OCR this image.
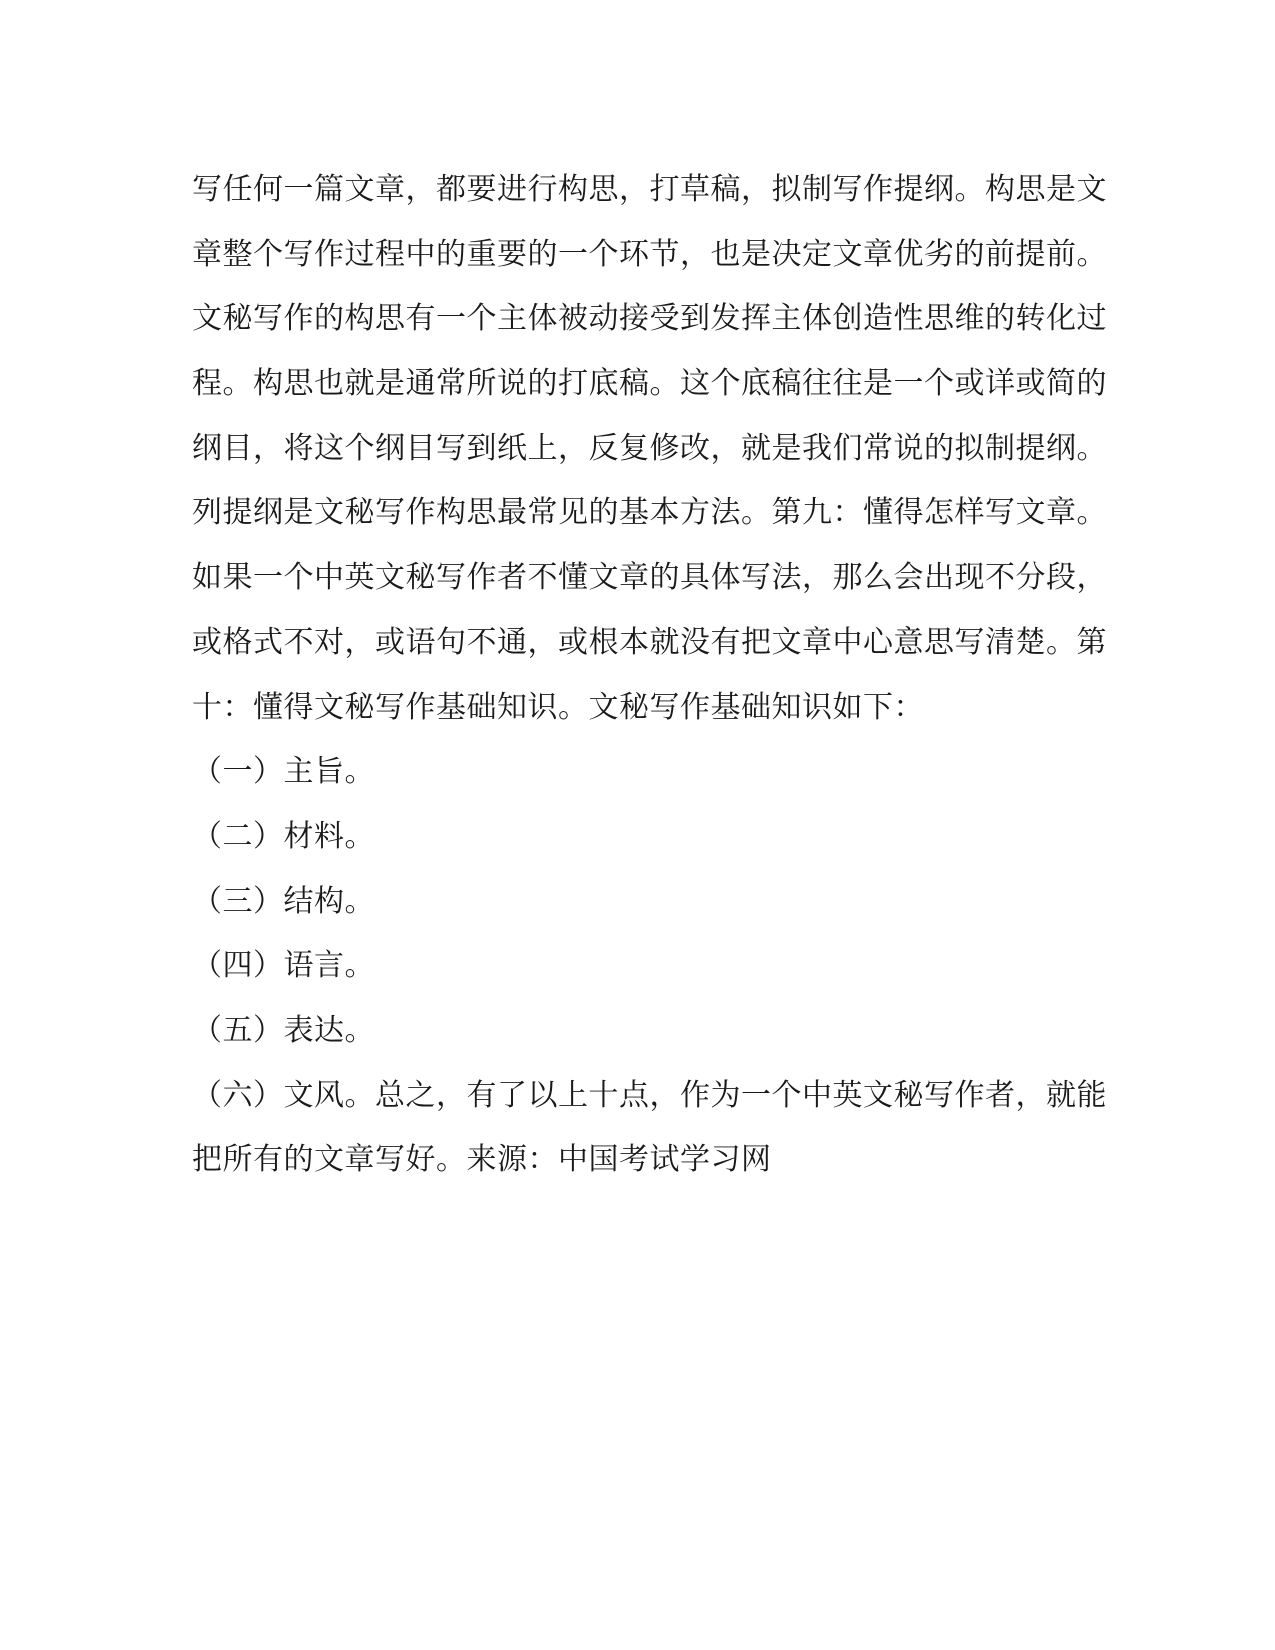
写任何一篇文章，都要进行构思，打草稿，拟制写作提纲。构思是文

章整个写作过程中的重要的一个环节，也是决定文章优劣的前提前。

文秘写作的构思有一个主体被动接受到发挥主体创造性思维的转化过

程。构思也就是通常所说的打底稿。这个底稿往往是一个或详或简的

纲目，将这个纲目写到纸上，反复修改，就是我们常说的拟制提纲。

列提纲是文秘写作构思最常见的基本方法。第九：懂得怎样写文章。

如果一个中英文秘写作者不懂文章的具体写法，那么会出现不分段，

或格式不对，或语句不通，或根本就没有把文章中心意思写清楚。第

十：懂得文秘写作基础知识。文秘写作基础知识如下：

（一）主旨。

（二）材料。

（三）结构。

（四）语言。

（五）表达。

（六）文风。总之，有了以上十点，作为一个中英文秘写作者，就能

把所有的文章写好。来源：中国考试学习网
